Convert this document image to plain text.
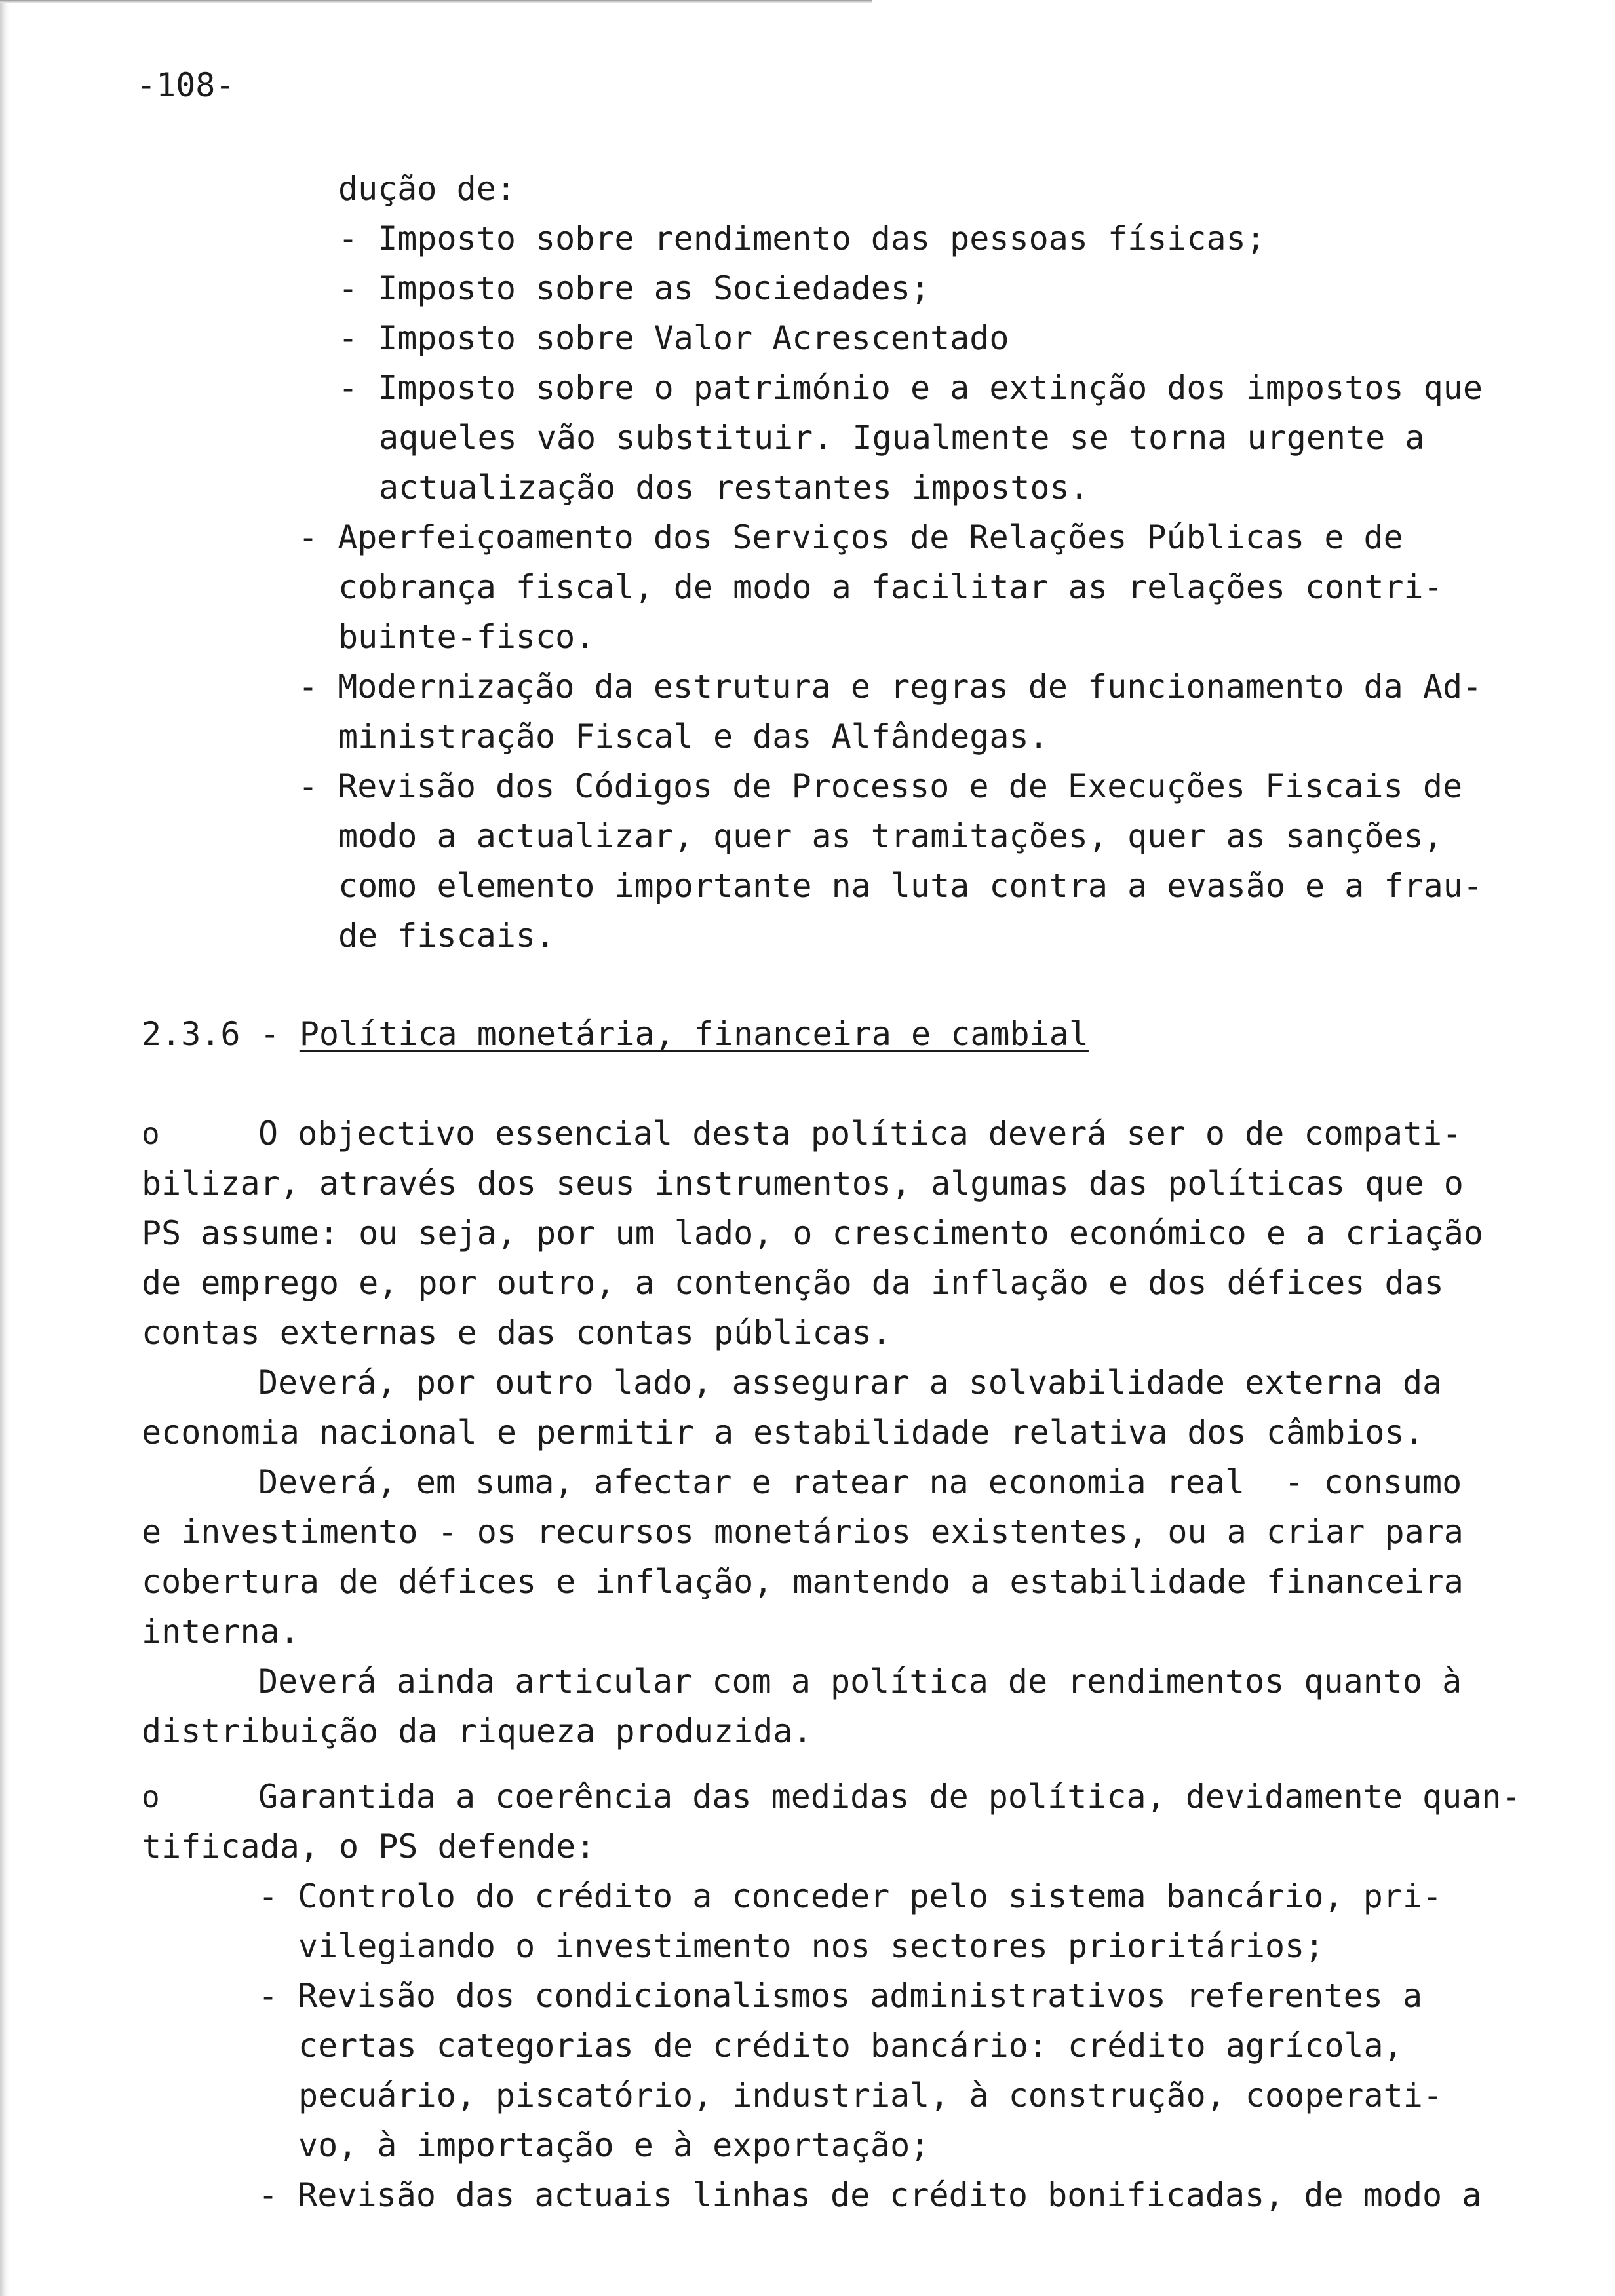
-108-
dução de:
- Imposto sobre rendimento das pessoas físicas;
- Imposto sobre as Sociedades;
- Imposto sobre Valor Acrescentado
- Imposto sobre o património e a extinção dos impostos que
aqueles vão substituir. Igualmente se torna urgente a
actualização dos restantes impostos.
- Aperfeiçoamento dos Serviços de Relações Públicas e de
cobrança fiscal, de modo a facilitar as relações contri-
buinte-fisco.
- Modernização da estrutura e regras de funcionamento da Ad-
ministração Fiscal e das Alfândegas.
- Revisão dos Códigos de Processo e de Execuções Fiscais de
modo a actualizar, quer as tramitações, quer as sanções,
como elemento importante na luta contra a evasão e a frau-
de fiscais.
2.3.6 - Política monetária, financeira e cambial
o	O objectivo essencial desta política deverá ser o de compati-
bilizar, através dos seus instrumentos, algumas das políticas que o
PS assume: ou seja, por um lado, o crescimento económico e a criação
de emprego e, por outro, a contenção da inflação e dos défices das
contas externas e das contas públicas.
Deverá, por outro lado, assegurar a solvabilidade externa da
economia nacional e permitir a estabilidade relativa dos câmbios.
Deverá, em suma, afectar e ratear na economia real  - consumo
e investimento - os recursos monetários existentes, ou a criar para
cobertura de défices e inflação, mantendo a estabilidade financeira
interna.
Deverá ainda articular com a política de rendimentos quanto à
distribuição da riqueza produzida.
o	Garantida a coerência das medidas de política, devidamente quan-
tificada, o PS defende:
- Controlo do crédito a conceder pelo sistema bancário, pri-
vilegiando o investimento nos sectores prioritários;
- Revisão dos condicionalismos administrativos referentes a
certas categorias de crédito bancário: crédito agrícola,
pecuário, piscatório, industrial, à construção, cooperati-
vo, à importação e à exportação;
- Revisão das actuais linhas de crédito bonificadas, de modo a
